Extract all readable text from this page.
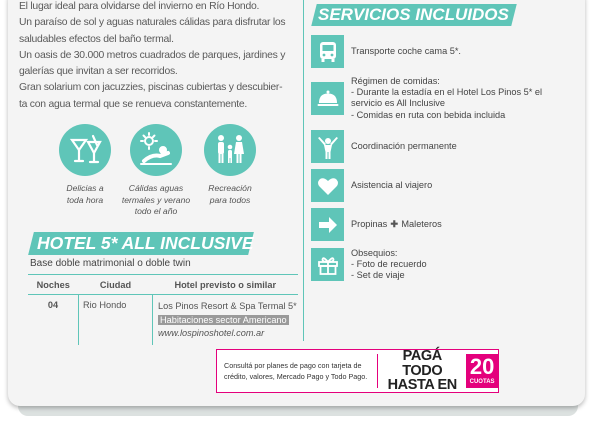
El lugar ideal para olvidarse del invierno en Río Hondo.

Un paraíso de sol y aguas naturales cálidas para disfrutar los

saludables efectos del baño termal.

Un oasis de 30.000 metros cuadrados de parques, jardines y

galerías que invitan a ser recorridos.

Gran solarium con jacuzzies, piscinas cubiertas y descubier-

ta con agua termal que se renueva constantemente.

Delicias a
toda hora
Cálidas aguas
termales y verano
todo el año
Recreación
para todos
HOTEL 5* ALL INCLUSIVE
Base doble matrimonial o doble twin
Noches	Ciudad	Hotel previsto o similar
04	Rio Hondo	Los Pinos Resort & Spa Termal 5*
Habitaciones sector Americano
www.lospinoshotel.com.ar
SERVICIOS INCLUIDOS
Transporte coche cama 5*.
Régimen de comidas:
- Durante la estadía en el Hotel Los Pinos 5* el
servicio es All Inclusive
- Comidas en ruta con bebida incluida
Coordinación permanente
Asistencia al viajero
Propinas ✚ Maleteros
Obsequios:
- Foto de recuerdo
- Set de viaje
Consultá por planes de pago con tarjeta de
crédito, valores, Mercado Pago y Todo Pago.
PAGÁ TODO
HASTA EN
20
CUOTAS
